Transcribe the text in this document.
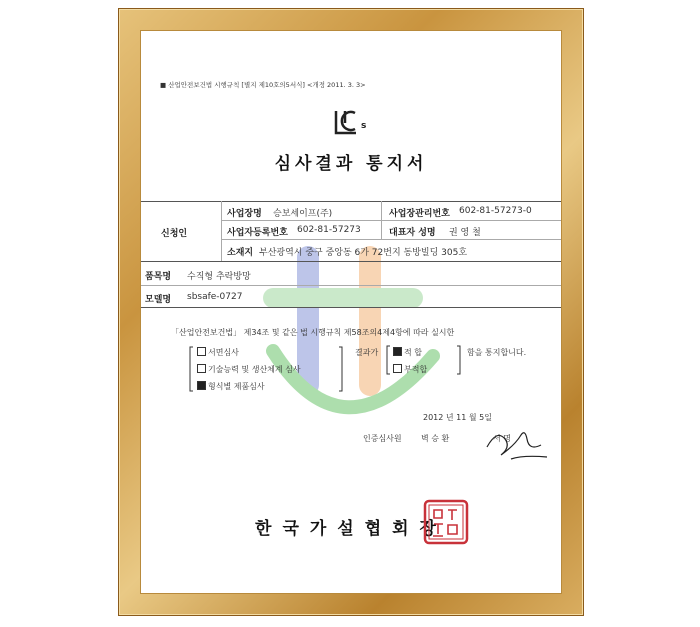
■ 산업안전보건법 시행규칙 [별지 제10호의5서식] <개정 2011. 3. 3>
s
심사결과 통지서
신청인
사업장명 승보세이프(주)	사업장관리번호 602-81-57273-0
사업자등록번호 602-81-57273	대표자 성명 권 영 철
소재지 부산광역시 중구 중앙동 6가 72번지 동방빌딩 305호
품목명 수직형 추락방망
모델명 sbsafe-0727
「산업안전보건법」 제34조 및 같은 법 시행규칙 제58조의4제4항에 따라 실시한
서면심사
기술능력 및 생산체계 심사
형식별 제품심사
결과가	적 합
부적합
함을 통지합니다.
2012 년 11 월 5일
인증심사원 벽 승 환	서 명
한국가설협회장
